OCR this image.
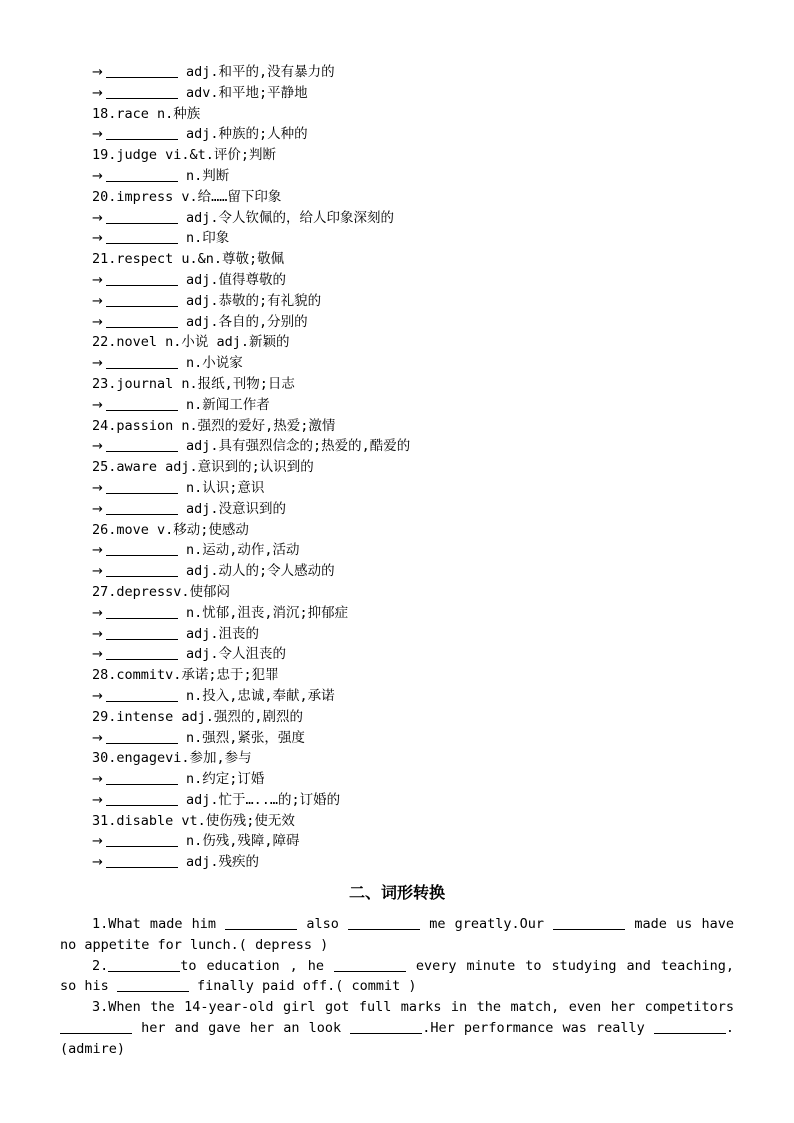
→	adj.和平的,没有暴力的
→	adv.和平地;平静地
18.race n.种族
→	adj.种族的;人种的
19.judge vi.&t.评价;判断
→	n.判断
20.impress v.给……留下印象
→	adj.令人钦佩的，给人印象深刻的
→	n.印象
21.respect u.&n.尊敬;敬佩
→	adj.值得尊敬的
→	adj.恭敬的;有礼貌的
→	adj.各自的,分别的
22.novel n.小说 adj.新颖的
→	n.小说家
23.journal n.报纸,刊物;日志
→	n.新闻工作者
24.passion n.强烈的爱好,热爱;激情
→	adj.具有强烈信念的;热爱的,酷爱的
25.aware adj.意识到的;认识到的
→	n.认识;意识
→	adj.没意识到的
26.move v.移动;使感动
→	n.运动,动作,活动
→	adj.动人的;令人感动的
27.depressv.使郁闷
→	n.忧郁,沮丧,消沉;抑郁症
→	adj.沮丧的
→	adj.令人沮丧的
28.commitv.承诺;忠于;犯罪
→	n.投入,忠诚,奉献,承诺
29.intense adj.强烈的,剧烈的
→	n.强烈,紧张，强度
30.engagevi.参加,参与
→	n.约定;订婚
→	adj.忙于…..…的;订婚的
31.disable vt.使伤残;使无效
→	n.伤残,残障,障碍
→	adj.残疾的
二、词形转换

1.What made him	also	me greatly.Our	made us have no appetite for lunch.( depress )

2.	to education , he	every minute to studying and teaching, so his	finally paid off.( commit )

3.When the 14-year-old girl got full marks in the match, even her competitors  her and gave her an look	.Her performance was really	.(admire)
